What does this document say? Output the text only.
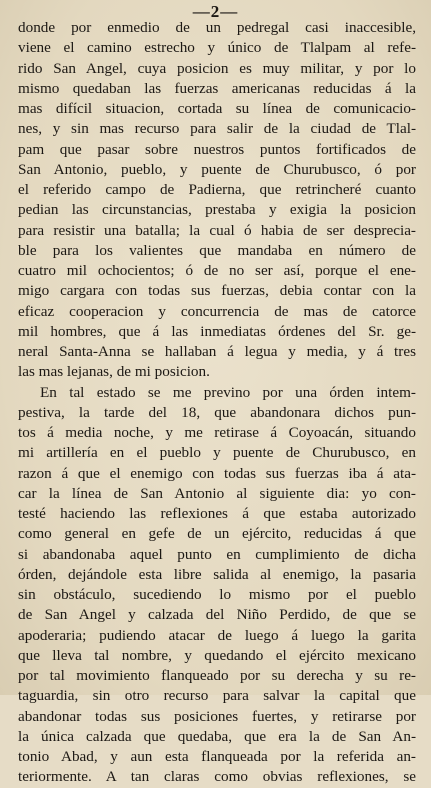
—2—
donde por enmedio de un pedregal casi inaccesible,
viene el camino estrecho y único de Tlalpam al refe-
rido San Angel, cuya posicion es muy militar, y por lo
mismo quedaban las fuerzas americanas reducidas á la
mas difícil situacion, cortada su línea de comunicacio-
nes, y sin mas recurso para salir de la ciudad de Tlal-
pam que pasar sobre nuestros puntos fortificados de
San Antonio, pueblo, y puente de Churubusco, ó por
el referido campo de Padierna, que retrincheré cuanto
pedian las circunstancias, prestaba y exigia la posicion
para resistir una batalla; la cual ó habia de ser desprecia-
ble para los valientes que mandaba en número de
cuatro mil ochocientos; ó de no ser así, porque el ene-
migo cargara con todas sus fuerzas, debia contar con la
eficaz cooperacion y concurrencia de mas de catorce
mil hombres, que á las inmediatas órdenes del Sr. ge-
neral Santa-Anna se hallaban á legua y media, y á tres
las mas lejanas, de mi posicion.
En tal estado se me previno por una órden intem-
pestiva, la tarde del 18, que abandonara dichos pun-
tos á media noche, y me retirase á Coyoacán, situando
mi artillería en el pueblo y puente de Churubusco, en
razon á que el enemigo con todas sus fuerzas iba á ata-
car la línea de San Antonio al siguiente dia: yo con-
testé haciendo las reflexiones á que estaba autorizado
como general en gefe de un ejército, reducidas á que
si abandonaba aquel punto en cumplimiento de dicha
órden, dejándole esta libre salida al enemigo, la pasaria
sin obstáculo, sucediendo lo mismo por el pueblo
de San Angel y calzada del Niño Perdido, de que se
apoderaria; pudiendo atacar de luego á luego la garita
que lleva tal nombre, y quedando el ejército mexicano
por tal movimiento flanqueado por su derecha y su re-
taguardia, sin otro recurso para salvar la capital que
abandonar todas sus posiciones fuertes, y retirarse por
la única calzada que quedaba, que era la de San An-
tonio Abad, y aun esta flanqueada por la referida an-
teriormente. A tan claras como obvias reflexiones, se
